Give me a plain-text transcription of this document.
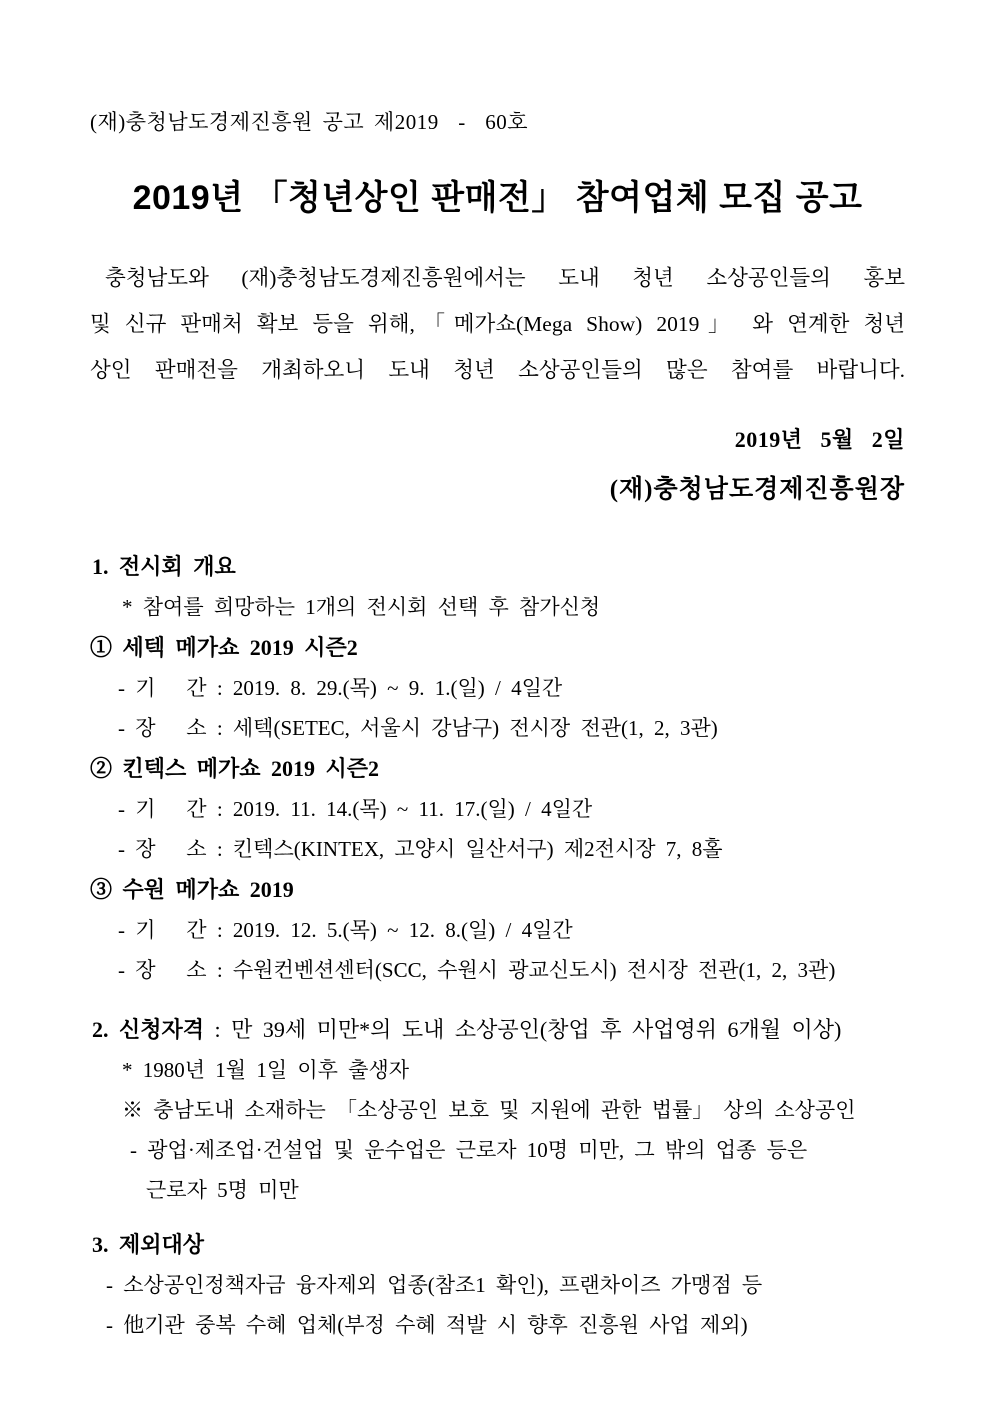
(재)충청남도경제진흥원 공고 제2019  -  60호
2019년 「청년상인 판매전」 참여업체 모집 공고
충청남도와 (재)충청남도경제진흥원에서는 도내 청년 소상공인들의 홍보
및 신규 판매처 확보 등을 위해,「메가쇼(Mega Show) 2019」 와 연계한 청년
상인 판매전을 개최하오니 도내 청년 소상공인들의 많은 참여를 바랍니다.
2019년   5월   2일
(재)충청남도경제진흥원장
1. 전시회 개요
* 참여를 희망하는 1개의 전시회 선택 후 참가신청
① 세텍 메가쇼 2019 시즌2
- 기   간 : 2019. 8. 29.(목) ~ 9. 1.(일) / 4일간
- 장   소 : 세텍(SETEC, 서울시 강남구) 전시장 전관(1, 2, 3관)
② 킨텍스 메가쇼 2019 시즌2
- 기   간 : 2019. 11. 14.(목) ~ 11. 17.(일) / 4일간
- 장   소 : 킨텍스(KINTEX, 고양시 일산서구) 제2전시장 7, 8홀
③ 수원 메가쇼 2019
- 기   간 : 2019. 12. 5.(목) ~ 12. 8.(일) / 4일간
- 장   소 : 수원컨벤션센터(SCC, 수원시 광교신도시) 전시장 전관(1, 2, 3관)
2. 신청자격 : 만 39세 미만*의 도내 소상공인(창업 후 사업영위 6개월 이상)
* 1980년 1월 1일 이후 출생자
※ 충남도내 소재하는 「소상공인 보호 및 지원에 관한 법률」 상의 소상공인
- 광업·제조업·건설업 및 운수업은 근로자 10명 미만, 그 밖의 업종 등은
근로자 5명 미만
3. 제외대상
- 소상공인정책자금 융자제외 업종(참조1 확인), 프랜차이즈 가맹점 등
- 他기관 중복 수혜 업체(부정 수혜 적발 시 향후 진흥원 사업 제외)
